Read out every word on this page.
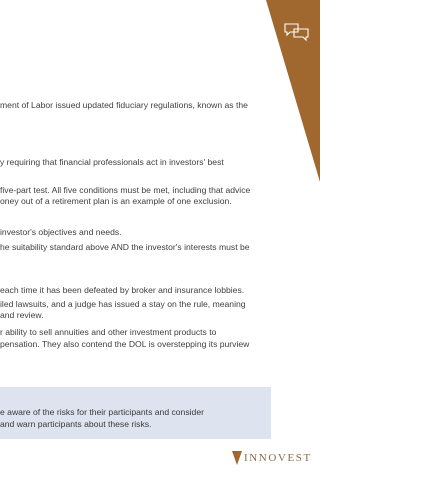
ment of Labor issued updated fiduciary regulations, known as the
y requiring that financial professionals act in investors' best
five-part test. All five conditions must be met, including that advice
oney out of a retirement plan is an example of one exclusion.
investor's objectives and needs.
he suitability standard above AND the investor's interests must be
each time it has been defeated by broker and insurance lobbies.
iled lawsuits, and a judge has issued a stay on the rule, meaning
and review.
r ability to sell annuities and other investment products to
pensation. They also contend the DOL is overstepping its purview
e aware of the risks for their participants and consider
and warn participants about these risks.
INNOVEST
